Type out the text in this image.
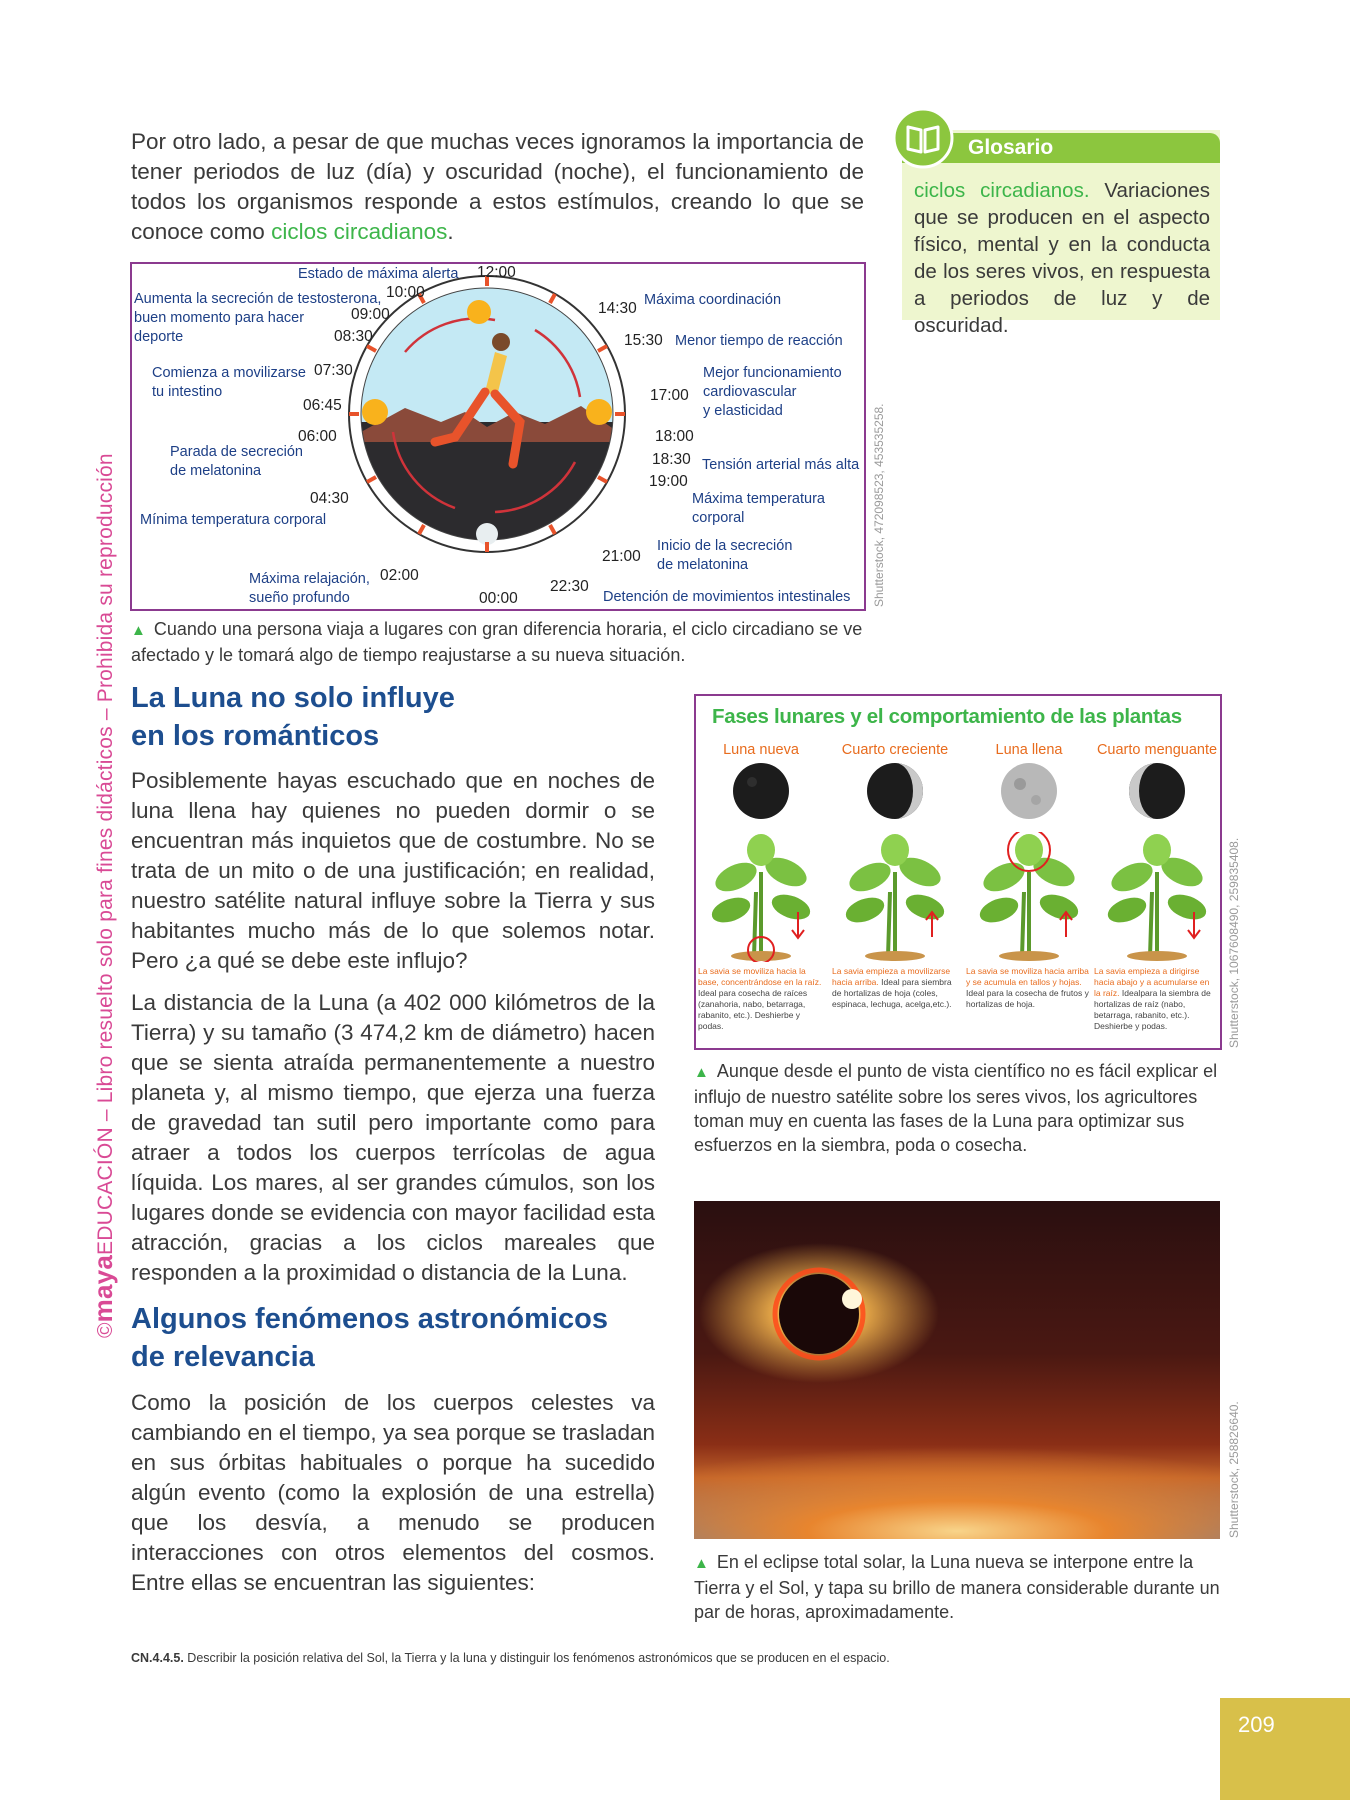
©mayaEDUCACIÓN – Libro resuelto solo para fines didácticos – Prohibida su reproducción
Por otro lado, a pesar de que muchas veces ignoramos la importancia de tener periodos de luz (día) y oscuridad (noche), el funcionamiento de todos los organismos responde a estos estímulos, creando lo que se conoce como ciclos circadianos.
Glosario
ciclos circadianos. Variaciones que se producen en el aspecto físico, mental y en la conducta de los seres vivos, en respuesta a periodos de luz y de oscuridad.
12:00
10:00
09:00
08:30
07:30
06:45
06:00
04:30
02:00
00:00
22:30
21:00
19:00
18:30
18:00
17:00
15:30
14:30
Estado de máxima alerta
Aumenta la secreción de testosterona,
buen momento para hacer
deporte
Comienza a movilizarse
tu intestino
Parada de secreción
de melatonina
Mínima temperatura corporal
Máxima relajación,
sueño profundo
Máxima coordinación
Menor tiempo de reacción
Mejor funcionamiento
cardiovascular
y elasticidad
Tensión arterial más alta
Máxima temperatura
corporal
Inicio de la secreción
de melatonina
Detención de movimientos intestinales Shutterstock, 472098523, 453535258.
▲ Cuando una persona viaja a lugares con gran diferencia horaria, el ciclo circadiano se ve afectado y le tomará algo de tiempo reajustarse a su nueva situación.
La Luna no solo influye
en los románticos
Posiblemente hayas escuchado que en noches de luna llena hay quienes no pueden dormir o se encuentran más inquietos que de costumbre. No se trata de un mito o de una justificación; en realidad, nuestro satélite natural influye sobre la Tierra y sus habitantes mucho más de lo que solemos notar. Pero ¿a qué se debe este influjo?
La distancia de la Luna (a 402 000 kilómetros de la Tierra) y su tamaño (3 474,2 km de diámetro) hacen que se sienta atraída permanentemente a nuestro planeta y, al mismo tiempo, que ejerza una fuerza de gravedad tan sutil pero importante como para atraer a todos los cuerpos terrícolas de agua líquida. Los mares, al ser grandes cúmulos, son los lugares donde se evidencia con mayor facilidad esta atracción, gracias a los ciclos mareales que responden a la proximidad o distancia de la Luna.
Algunos fenómenos astronómicos
de relevancia
Como la posición de los cuerpos celestes va cambiando en el tiempo, ya sea porque se trasladan en sus órbitas habituales o porque ha sucedido algún evento (como la explosión de una estrella) que los desvía, a menudo se producen interacciones con otros elementos del cosmos. Entre ellas se encuentran las siguientes:
Fases lunares y el comportamiento de las plantas
Luna nueva
La savia se moviliza hacia la base, concentrándose en la raíz. Ideal para cosecha de raíces (zanahoria, nabo, betarraga, rabanito, etc.). Deshierbe y podas.
Cuarto creciente
La savia empieza a movilizarse hacia arriba. Ideal para siembra de hortalizas de hoja (coles, espinaca, lechuga, acelga,etc.).
Luna llena
La savia se moviliza hacia arriba y se acumula en tallos y hojas. Ideal para la cosecha de frutos y hortalizas de hoja.
Cuarto menguante
La savia empieza a dirigirse hacia abajo y a acumularse en la raíz. Idealpara la siembra de hortalizas de raíz (nabo, betarraga, rabanito, etc.). Deshierbe y podas.	Shutterstock, 1067608490, 259835408.
▲ Aunque desde el punto de vista científico no es fácil explicar el influjo de nuestro satélite sobre los seres vivos, los agricultores toman muy en cuenta las fases de la Luna para optimizar sus esfuerzos en la siembra, poda o cosecha.
Shutterstock, 258826640.
▲ En el eclipse total solar, la Luna nueva se interpone entre la Tierra y el Sol, y tapa su brillo de manera considerable durante un par de horas, aproximadamente.
CN.4.4.5. Describir la posición relativa del Sol, la Tierra y la luna y distinguir los fenómenos astronómicos que se producen en el espacio.
209
